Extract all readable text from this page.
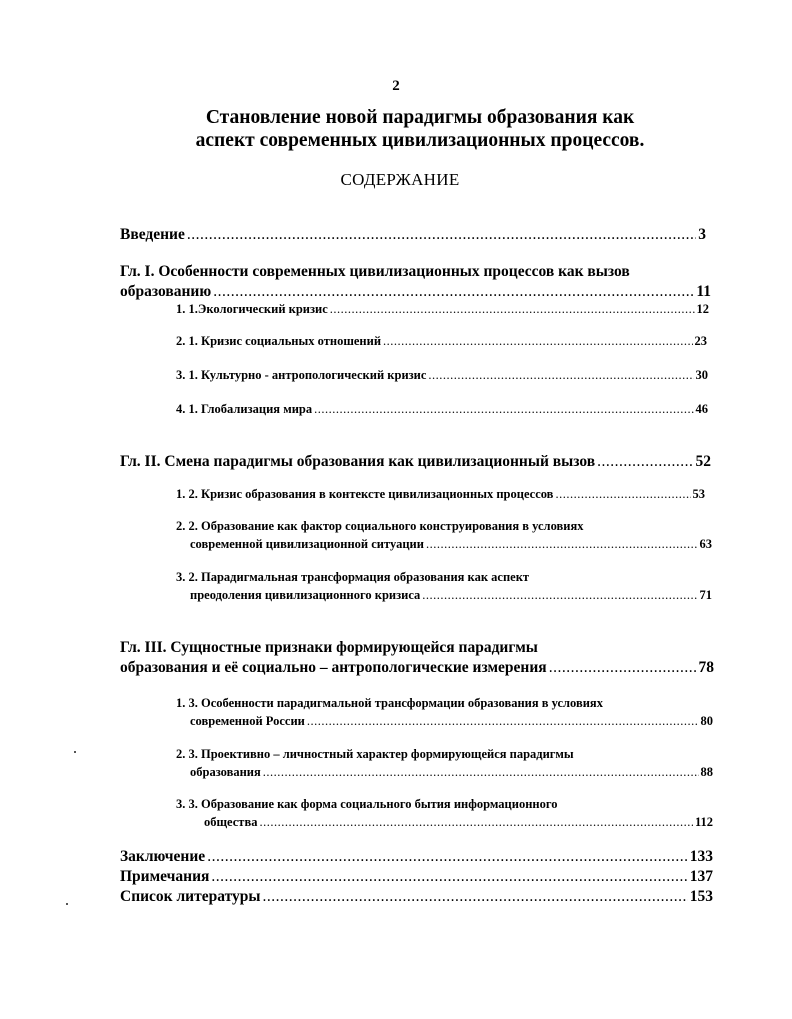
2
Становление новой парадигмы образования как
аспект современных цивилизационных процессов.
СОДЕРЖАНИЕ
Введение .....	3
Гл. I. Особенности современных цивилизационных процессов как вызов
образованию .....	11
1. 1.Экологический кризис .....	12
2. 1. Кризис социальных отношений .....	23
3. 1. Культурно - антропологический кризис .....	30
4. 1. Глобализация мира .....	46
Гл. II. Смена парадигмы образования как цивилизационный вызов .....	52
1. 2. Кризис образования в контексте цивилизационных процессов .....	53
2. 2. Образование как фактор социального конструирования в условиях
современной цивилизационной ситуации .....	63
3. 2. Парадигмальная трансформация образования как аспект
преодоления цивилизационного кризиса .....	71
Гл. III. Сущностные признаки формирующейся парадигмы
образования и её социально – антропологические измерения .....	78
1. 3. Особенности парадигмальной трансформации образования в условиях
современной России .....	80
2. 3. Проективно – личностный характер формирующейся парадигмы
образования .....	88
3. 3. Образование как форма социального бытия информационного
общества .....	112
Заключение .....	133
Примечания .....	137
Список литературы .....	153
